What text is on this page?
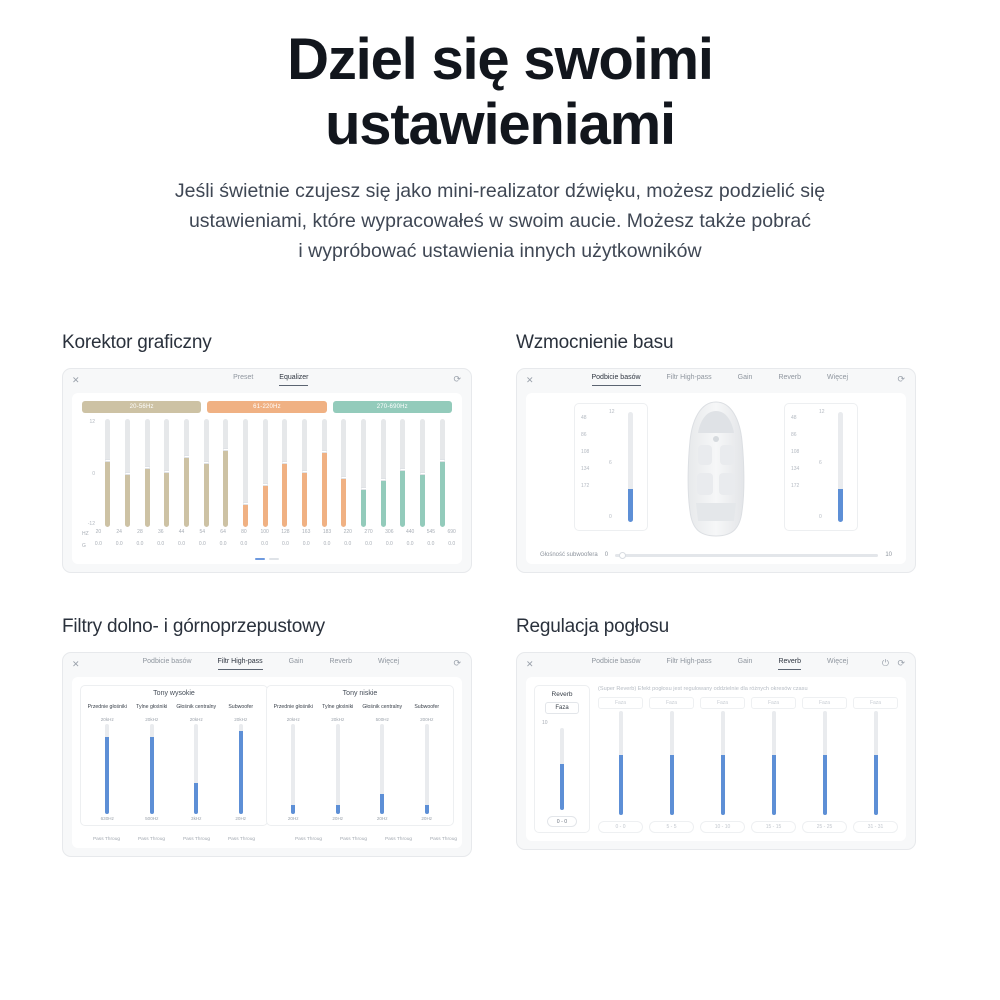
Dziel się swoimi
ustawieniami
Jeśli świetnie czujesz się jako mini-realizator dźwięku, możesz podzielić się
ustawieniami, które wypracowałeś w swoim aucie. Możesz także pobrać
i wypróbować ustawienia innych użytkowników
Korektor graficzny
✕	Preset	Equalizer	⟳
20-56Hz	61-220Hz	270-690Hz
12
0
-12
HZ
G
20	24	28	36	44	54	64	80	100	128	163	183	220	270	306	440	545	690
0.0	0.0	0.0	0.0	0.0	0.0	0.0	0.0	0.0	0.0	0.0	0.0	0.0	0.0	0.0	0.0	0.0	0.0
Wzmocnienie basu
✕	Podbicie basów	Filtr High-pass	Gain	Reverb	Więcej	⟳
48
86
108
134
172
12
6
0
48
86
108
134
172
12
6
0
Głośność subwoofera 0	10
Filtry dolno- i górnoprzepustowy
✕	Podbicie basów	Filtr High-pass	Gain	Reverb	Więcej	⟳
Tony wysokie
Przednie głośniki
20kHz
630Hz
Tylne głośniki
20kHz
500Hz
Głośnik centralny
20kHz
3kHz
Subwoofer
20kHz
20Hz
Tony niskie
Przednie głośniki
20kHz
20Hz
Tylne głośniki
20kHz
20Hz
Głośnik centralny
500Hz
20Hz
Subwoofer
200Hz
20Hz
Pass Throug	Pass Throug	Pass Throug	Pass Throug	Pass Throug	Pass Throug	Pass Throug	Pass Throug
Regulacja pogłosu
✕	Podbicie basów	Filtr High-pass	Gain	Reverb	Więcej	⏻ ⟳
Reverb
Faza
10
0 - 0
(Super Reverb) Efekt pogłosu jest regulowany oddzielnie dla różnych okresów czasu
Faza	Faza	Faza	Faza	Faza	Faza
0 - 0	5 - 5	10 - 10	15 - 15	25 - 25	31 - 31
